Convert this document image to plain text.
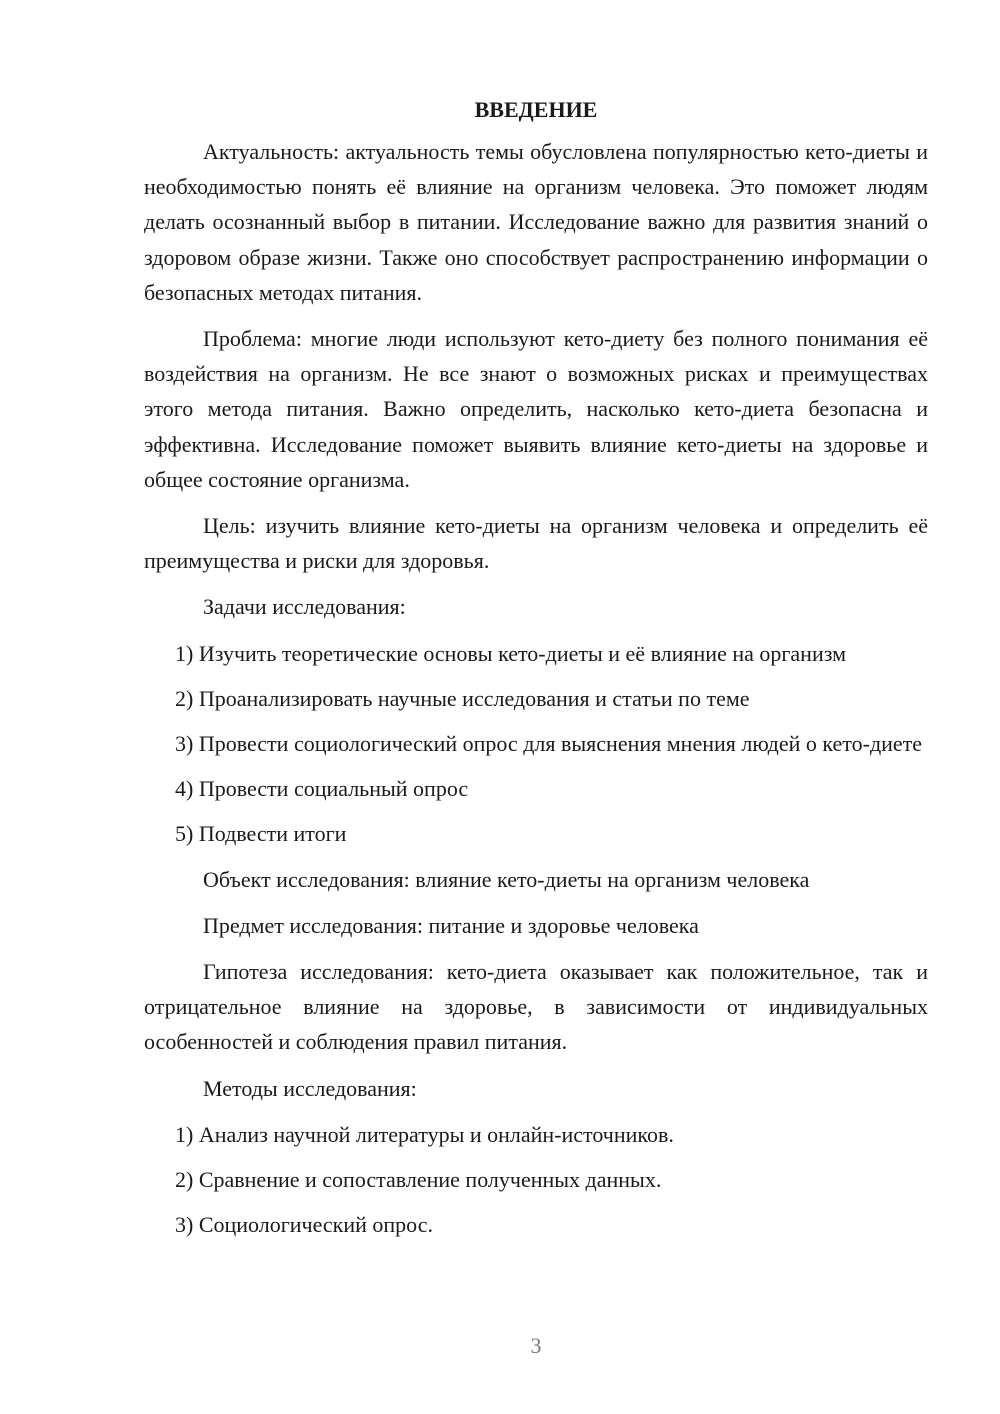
ВВЕДЕНИЕ

Актуальность: актуальность темы обусловлена популярностью кето-диеты и необходимостью понять её влияние на организм человека. Это поможет людям делать осознанный выбор в питании. Исследование важно для развития знаний о здоровом образе жизни. Также оно способствует распространению информации о безопасных методах питания.

Проблема: многие люди используют кето-диету без полного понимания её воздействия на организм. Не все знают о возможных рисках и преимуществах этого метода питания. Важно определить, насколько кето-диета безопасна и эффективна. Исследование поможет выявить влияние кето-диеты на здоровье и общее состояние организма.

Цель: изучить влияние кето-диеты на организм человека и определить её преимущества и риски для здоровья.

Задачи исследования:

1) Изучить теоретические основы кето-диеты и её влияние на организм

2) Проанализировать научные исследования и статьи по теме

3) Провести социологический опрос для выяснения мнения людей о кето-диете

4) Провести социальный опрос

5) Подвести итоги

Объект исследования: влияние кето-диеты на организм человека

Предмет исследования: питание и здоровье человека

Гипотеза исследования: кето-диета оказывает как положительное, так и отрицательное влияние на здоровье, в зависимости от индивидуальных особенностей и соблюдения правил питания.

Методы исследования:

1) Анализ научной литературы и онлайн-источников.

2) Сравнение и сопоставление полученных данных.

3) Социологический опрос.

3
